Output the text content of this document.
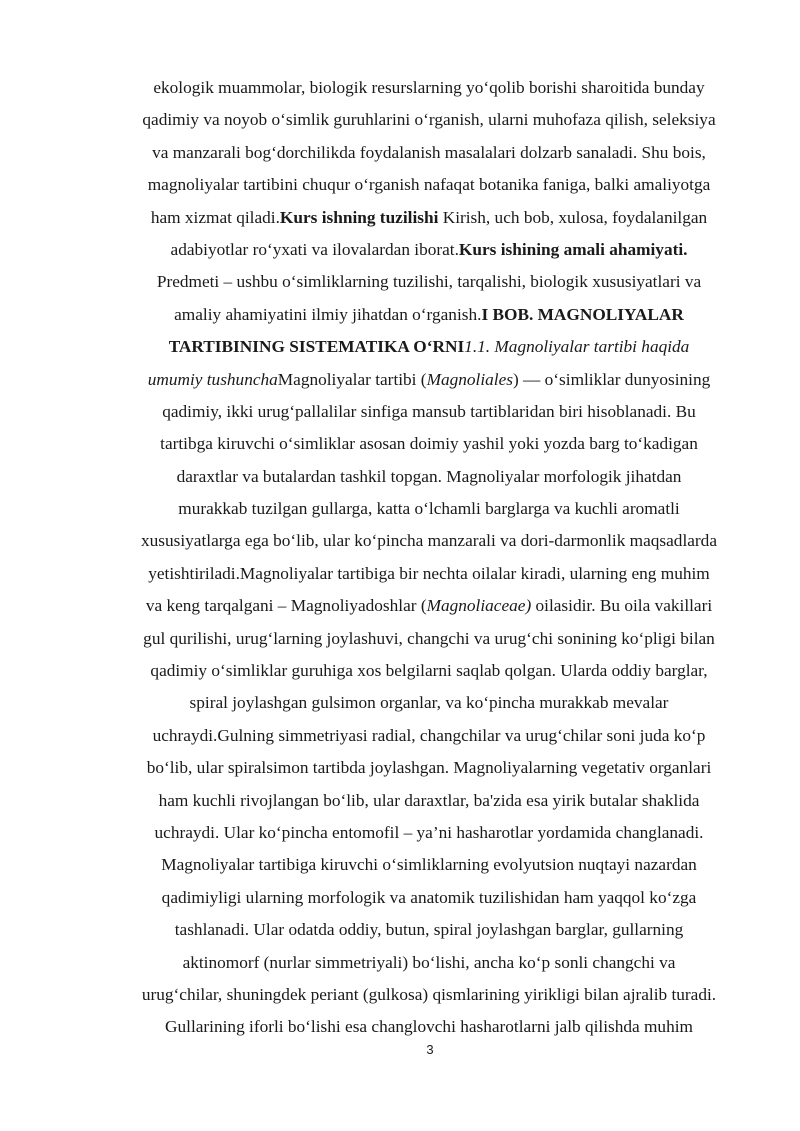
ekologik muammolar, biologik resurslarning yo‘qolib borishi sharoitida bunday
qadimiy va noyob o‘simlik guruhlarini o‘rganish, ularni muhofaza qilish, seleksiya
va manzarali bog‘dorchilikda foydalanish masalalari dolzarb sanaladi. Shu bois,
magnoliyalar tartibini chuqur o‘rganish nafaqat botanika faniga, balki amaliyotga
ham xizmat qiladi.Kurs ishning tuzilishi Kirish, uch bob, xulosa, foydalanilgan
adabiyotlar ro‘yxati va ilovalardan iborat.Kurs ishining amali ahamiyati.
Predmeti – ushbu o‘simliklarning tuzilishi, tarqalishi, biologik xususiyatlari va
amaliy ahamiyatini ilmiy jihatdan o‘rganish.I BOB. MAGNOLIYALAR
TARTIBINING SISTEMATIKA O‘RNI1.1. Magnoliyalar tartibi haqida
umumiy tushunchaMagnoliyalar tartibi (Magnoliales) — o‘simliklar dunyosining
qadimiy, ikki urug‘pallalilar sinfiga mansub tartiblaridan biri hisoblanadi. Bu
tartibga kiruvchi o‘simliklar asosan doimiy yashil yoki yozda barg to‘kadigan
daraxtlar va butalardan tashkil topgan. Magnoliyalar morfologik jihatdan
murakkab tuzilgan gullarga, katta o‘lchamli barglarga va kuchli aromatli
xususiyatlarga ega bo‘lib, ular ko‘pincha manzarali va dori-darmonlik maqsadlarda
yetishtiriladi.Magnoliyalar tartibiga bir nechta oilalar kiradi, ularning eng muhim
va keng tarqalgani – Magnoliyadoshlar (Magnoliaceae) oilasidir. Bu oila vakillari
gul qurilishi, urug‘larning joylashuvi, changchi va urug‘chi sonining ko‘pligi bilan
qadimiy o‘simliklar guruhiga xos belgilarni saqlab qolgan. Ularda oddiy barglar,
spiral joylashgan gulsimon organlar, va ko‘pincha murakkab mevalar
uchraydi.Gulning simmetriyasi radial, changchilar va urug‘chilar soni juda ko‘p
bo‘lib, ular spiralsimon tartibda joylashgan. Magnoliyalarning vegetativ organlari
ham kuchli rivojlangan bo‘lib, ular daraxtlar, ba'zida esa yirik butalar shaklida
uchraydi. Ular ko‘pincha entomofil – ya’ni hasharotlar yordamida changlanadi.
Magnoliyalar tartibiga kiruvchi o‘simliklarning evolyutsion nuqtayi nazardan
qadimiyligi ularning morfologik va anatomik tuzilishidan ham yaqqol ko‘zga
tashlanadi. Ular odatda oddiy, butun, spiral joylashgan barglar, gullarning
aktinomorf (nurlar simmetriyali) bo‘lishi, ancha ko‘p sonli changchi va
urug‘chilar, shuningdek periant (gulkosa) qismlarining yirikligi bilan ajralib turadi.
Gullarining iforli bo‘lishi esa changlovchi hasharotlarni jalb qilishda muhim
3
